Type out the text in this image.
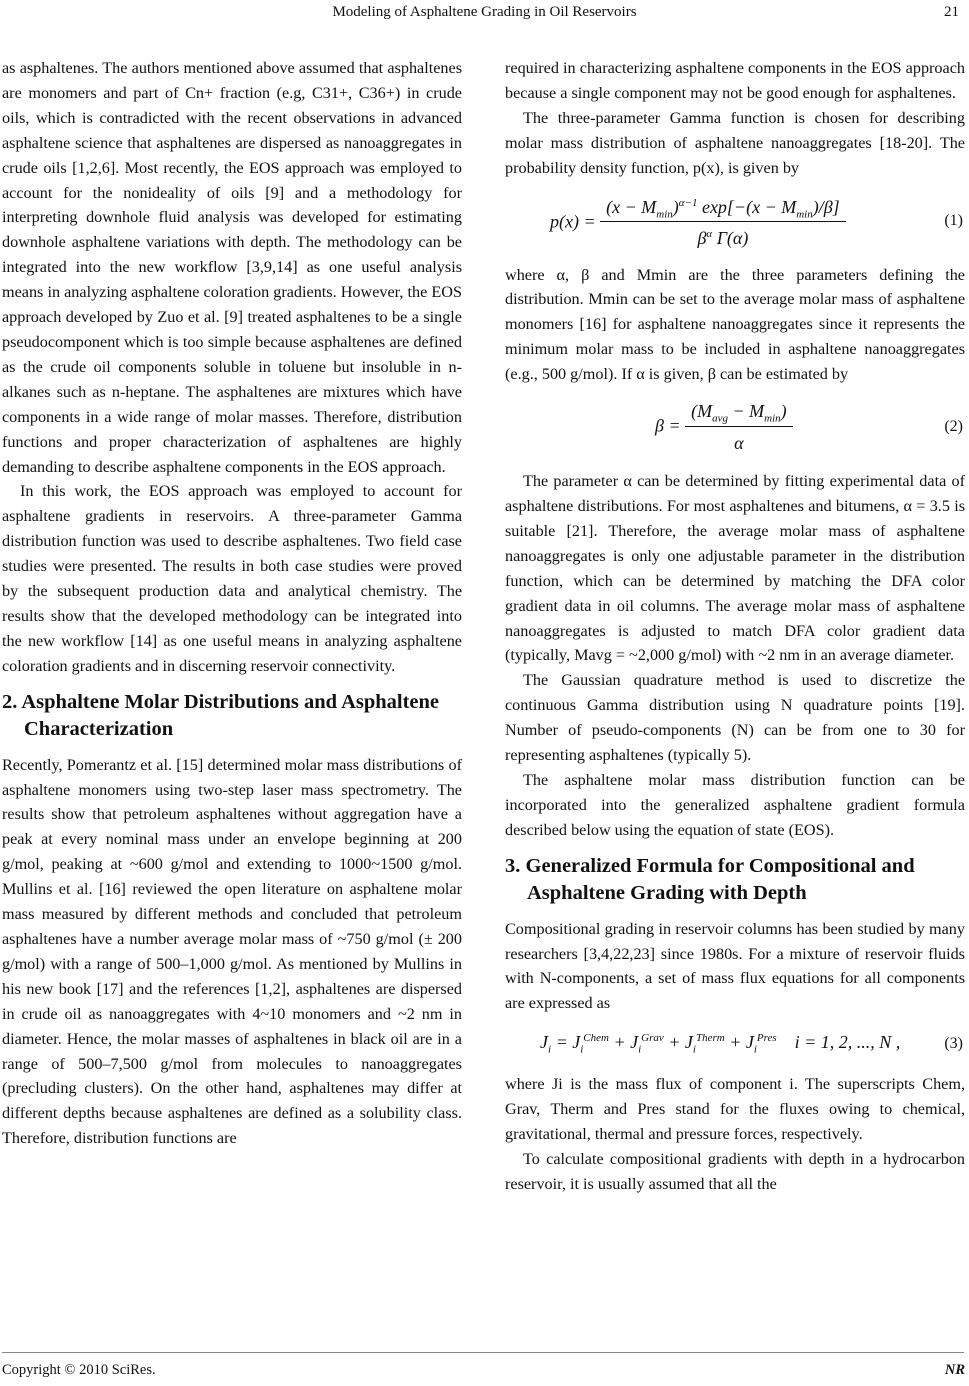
Modeling of Asphaltene Grading in Oil Reservoirs	21

as asphaltenes. The authors mentioned above assumed that asphaltenes are monomers and part of Cn+ fraction (e.g, C31+, C36+) in crude oils, which is contradicted with the recent observations in advanced asphaltene science that asphaltenes are dispersed as nanoaggregates in crude oils [1,2,6]. Most recently, the EOS approach was employed to account for the nonideality of oils [9] and a methodology for interpreting downhole fluid analysis was developed for estimating downhole asphaltene variations with depth. The methodology can be integrated into the new workflow [3,9,14] as one useful analysis means in analyzing asphaltene coloration gradients. However, the EOS approach developed by Zuo et al. [9] treated asphaltenes to be a single pseudocomponent which is too simple because asphaltenes are defined as the crude oil components soluble in toluene but insoluble in n-alkanes such as n-heptane. The asphaltenes are mixtures which have components in a wide range of molar masses. Therefore, distribution functions and proper characterization of asphaltenes are highly demanding to describe asphaltene components in the EOS approach.

In this work, the EOS approach was employed to account for asphaltene gradients in reservoirs. A three-parameter Gamma distribution function was used to describe asphaltenes. Two field case studies were presented. The results in both case studies were proved by the subsequent production data and analytical chemistry. The results show that the developed methodology can be integrated into the new workflow [14] as one useful means in analyzing asphaltene coloration gradients and in discerning reservoir connectivity.

2. Asphaltene Molar Distributions and Asphaltene Characterization

Recently, Pomerantz et al. [15] determined molar mass distributions of asphaltene monomers using two-step laser mass spectrometry. The results show that petroleum asphaltenes without aggregation have a peak at every nominal mass under an envelope beginning at 200 g/mol, peaking at ~600 g/mol and extending to 1000~1500 g/mol. Mullins et al. [16] reviewed the open literature on asphaltene molar mass measured by different methods and concluded that petroleum asphaltenes have a number average molar mass of ~750 g/mol (± 200 g/mol) with a range of 500–1,000 g/mol. As mentioned by Mullins in his new book [17] and the references [1,2], asphaltenes are dispersed in crude oil as nanoaggregates with 4~10 monomers and ~2 nm in diameter. Hence, the molar masses of asphaltenes in black oil are in a range of 500–7,500 g/mol from molecules to nanoaggregates (precluding clusters). On the other hand, asphaltenes may differ at different depths because asphaltenes are defined as a solubility class. Therefore, distribution functions are

required in characterizing asphaltene components in the EOS approach because a single component may not be good enough for asphaltenes.

The three-parameter Gamma function is chosen for describing molar mass distribution of asphaltene nanoaggregates [18-20]. The probability density function, p(x), is given by

$p(x) = \frac{(x - M_{min})^{\alpha-1} \exp[-(x - M_{min})/\beta]}{\beta^\alpha \Gamma(\alpha)}$	(1)

where α, β and Mmin are the three parameters defining the distribution. Mmin can be set to the average molar mass of asphaltene monomers [16] for asphaltene nanoaggregates since it represents the minimum molar mass to be included in asphaltene nanoaggregates (e.g., 500 g/mol). If α is given, β can be estimated by

$\beta = \frac{(M_{avg} - M_{min})}{\alpha}$	(2)

The parameter α can be determined by fitting experimental data of asphaltene distributions. For most asphaltenes and bitumens, α = 3.5 is suitable [21]. Therefore, the average molar mass of asphaltene nanoaggregates is only one adjustable parameter in the distribution function, which can be determined by matching the DFA color gradient data in oil columns. The average molar mass of asphaltene nanoaggregates is adjusted to match DFA color gradient data (typically, Mavg = ~2,000 g/mol) with ~2 nm in an average diameter.

The Gaussian quadrature method is used to discretize the continuous Gamma distribution using N quadrature points [19]. Number of pseudo-components (N) can be from one to 30 for representing asphaltenes (typically 5).

The asphaltene molar mass distribution function can be incorporated into the generalized asphaltene gradient formula described below using the equation of state (EOS).

3. Generalized Formula for Compositional and Asphaltene Grading with Depth

Compositional grading in reservoir columns has been studied by many researchers [3,4,22,23] since 1980s. For a mixture of reservoir fluids with N-components, a set of mass flux equations for all components are expressed as

$J_i = J_i^{Chem} + J_i^{Grav} + J_i^{Therm} + J_i^{Pres}$    i = 1, 2, ..., N ,	(3)

where Ji is the mass flux of component i. The superscripts Chem, Grav, Therm and Pres stand for the fluxes owing to chemical, gravitational, thermal and pressure forces, respectively.

To calculate compositional gradients with depth in a hydrocarbon reservoir, it is usually assumed that all the

Copyright © 2010 SciRes.	NR
